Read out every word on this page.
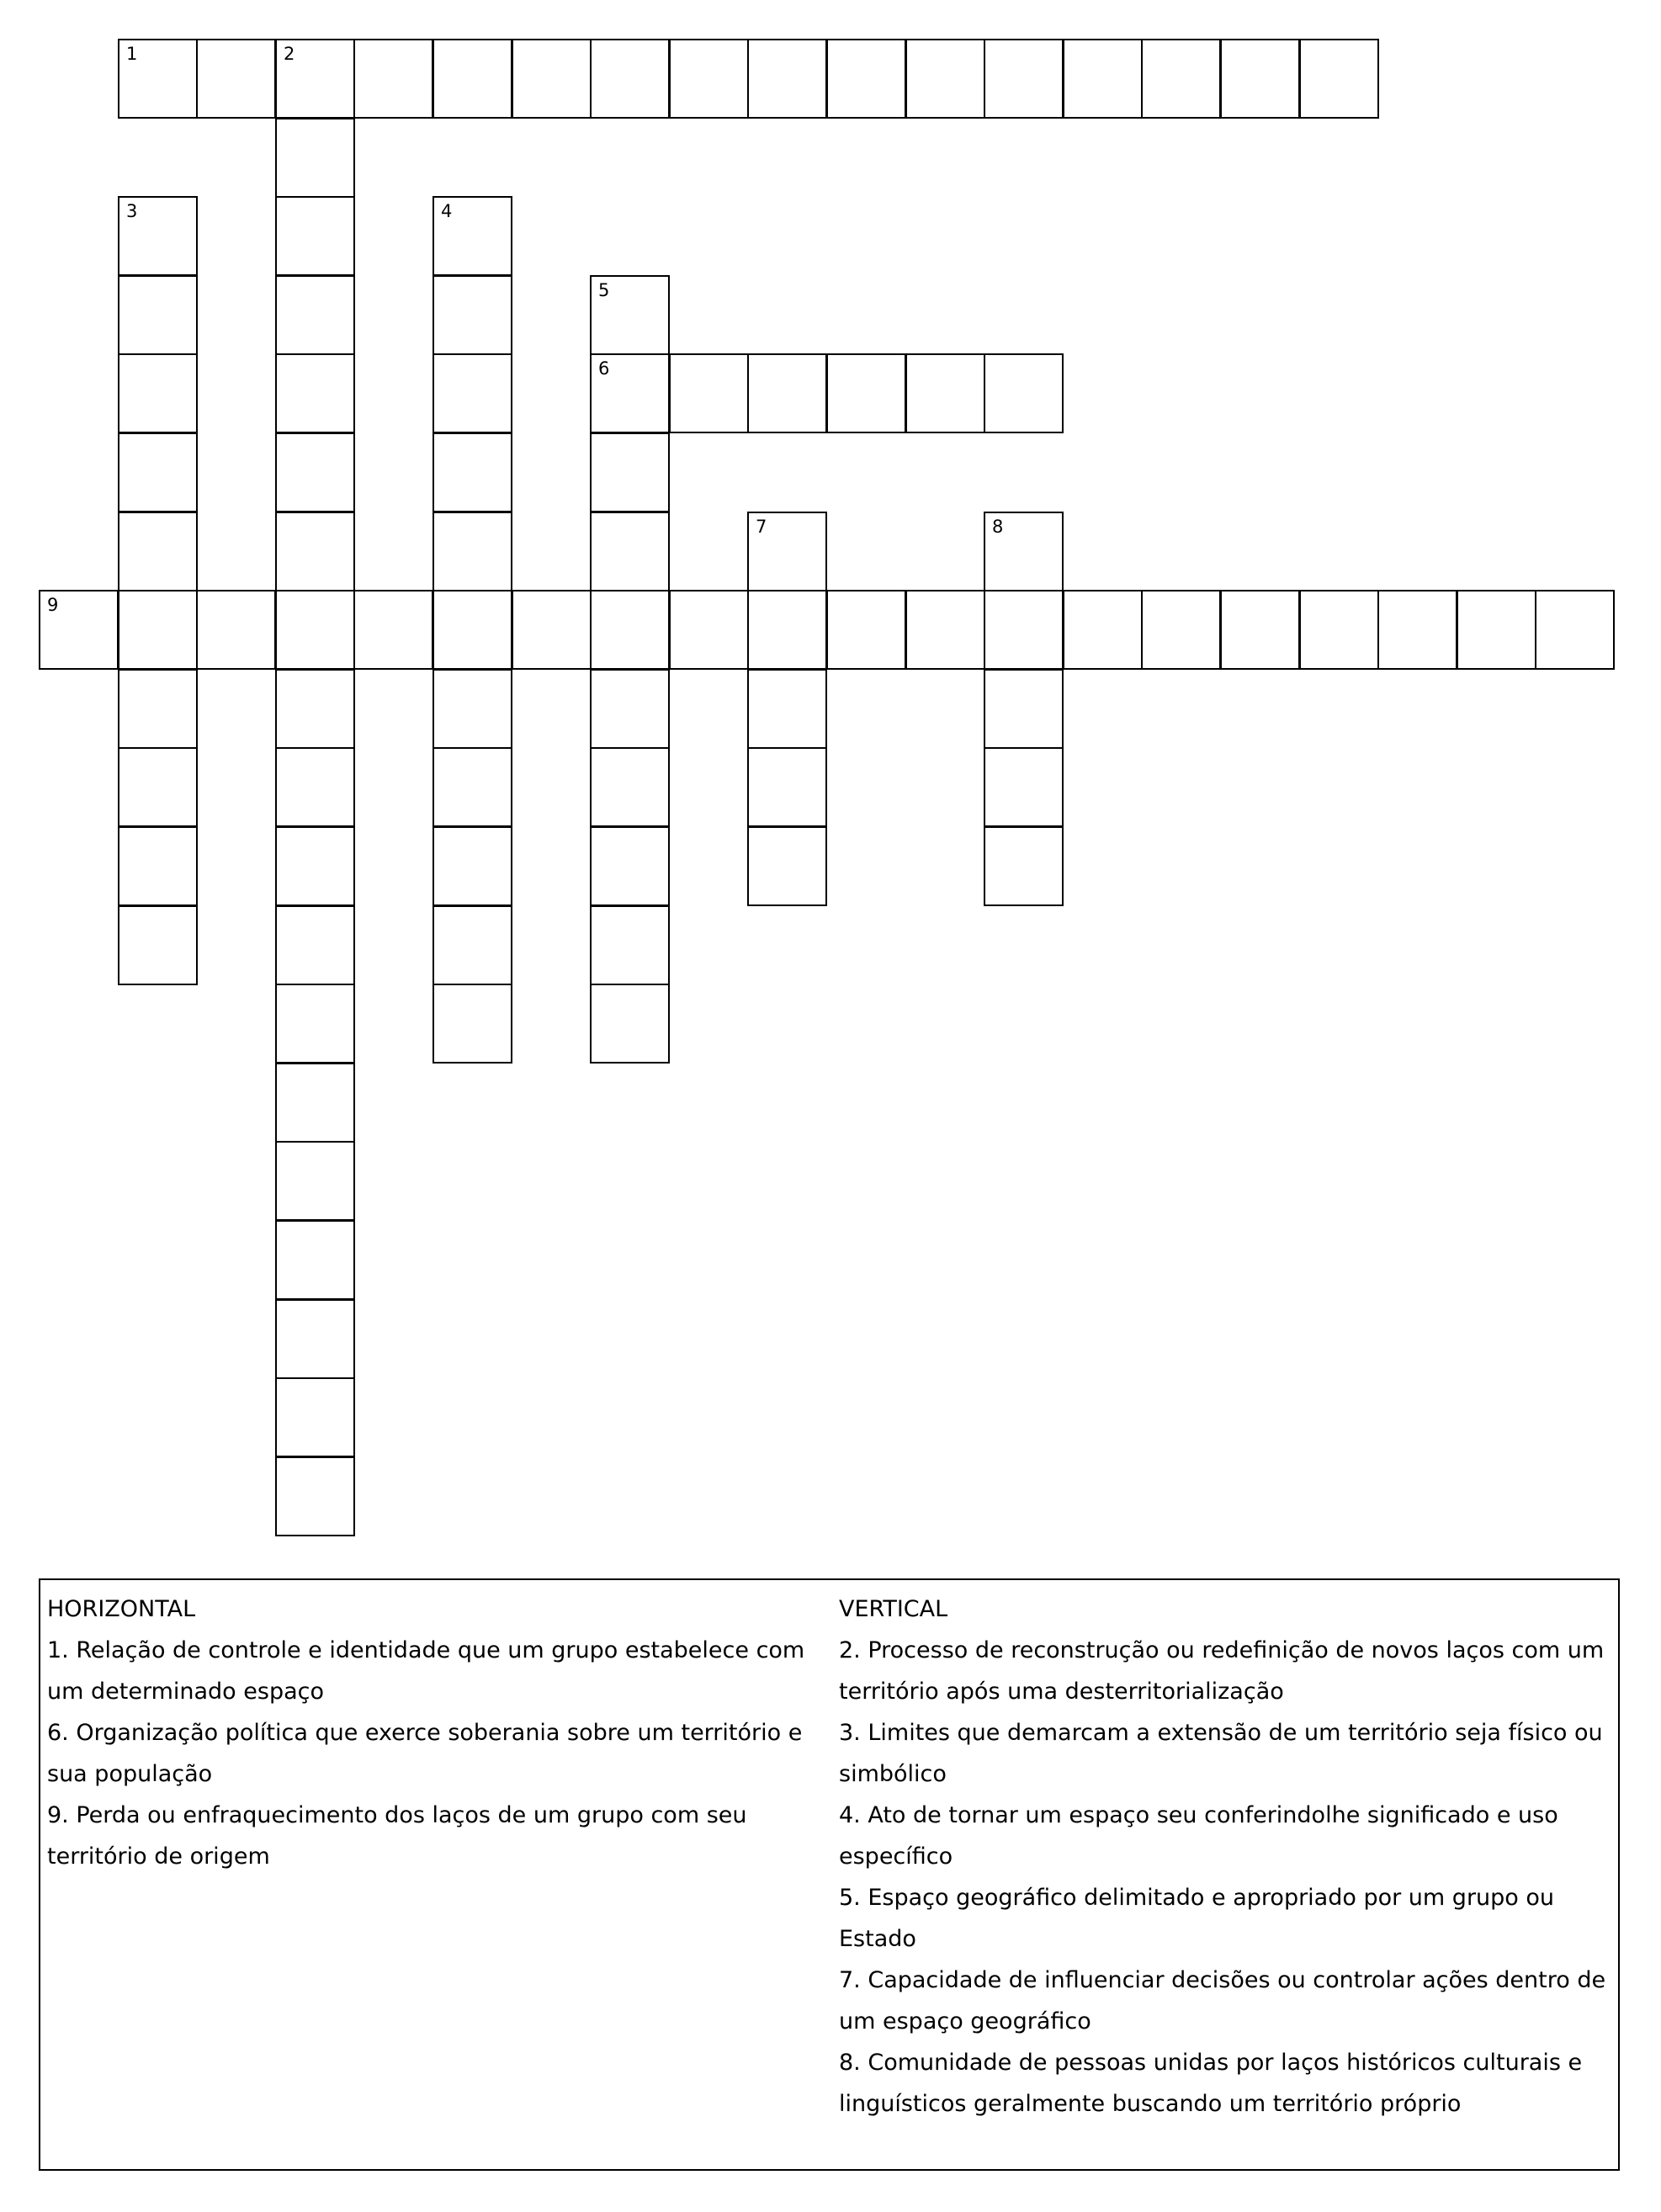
1	2
3	4
5
6
7	8
9
HORIZONTAL
1. Relação de controle e identidade que um grupo estabelece com um determinado espaço
6. Organização política que exerce soberania sobre um território e sua população
9. Perda ou enfraquecimento dos laços de um grupo com seu território de origem
VERTICAL
2. Processo de reconstrução ou redefinição de novos laços com um território após uma desterritorialização
3. Limites que demarcam a extensão de um território seja físico ou simbólico
4. Ato de tornar um espaço seu conferindolhe significado e uso específico
5. Espaço geográfico delimitado e apropriado por um grupo ou Estado
7. Capacidade de influenciar decisões ou controlar ações dentro de um espaço geográfico
8. Comunidade de pessoas unidas por laços históricos culturais e linguísticos geralmente buscando um território próprio
